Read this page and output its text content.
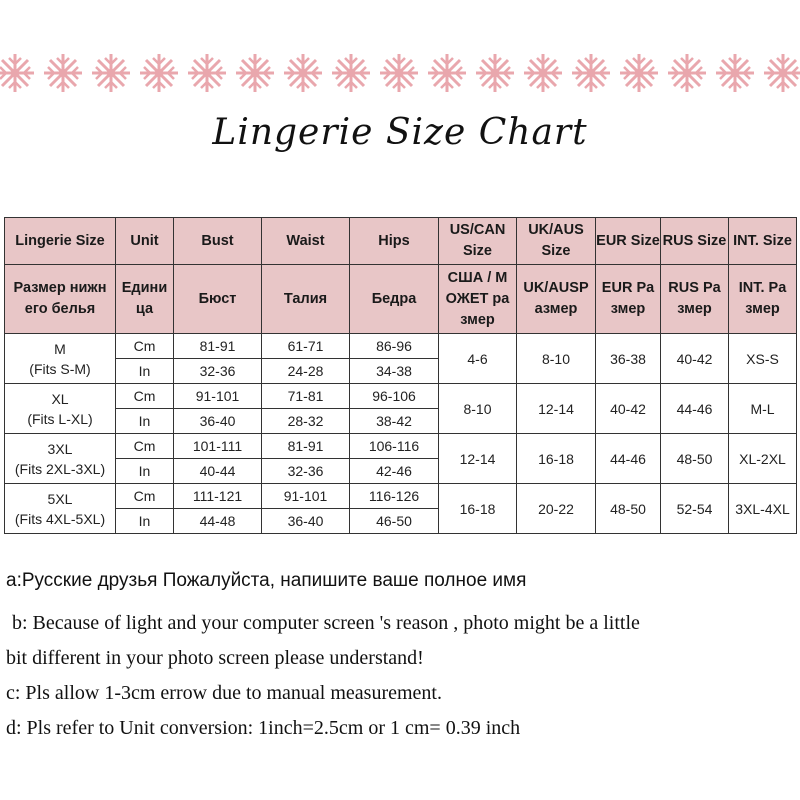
Lingerie Size Chart
Lingerie Size	Unit	Bust	Waist	Hips	US/CAN Size	UK/AUS Size	EUR Size	RUS Size	INT. Size
Размер нижн его белья	Едини ца	Бюст	Талия	Бедра	США / M ОЖЕТ ра змер	UK/AUSP азмер	EUR Pa змер	RUS Pa змер	INT. Pa змер

M
(Fits S-M)	Cm	81-91	61-71	86-96	4-6	8-10	36-38	40-42	XS-S
	In	32-36	24-28	34-38					

XL
(Fits L-XL)	Cm	91-101	71-81	96-106	8-10	12-14	40-42	44-46	M-L
	In	36-40	28-32	38-42					

3XL
(Fits 2XL-3XL)	Cm	101-111	81-91	106-116	12-14	16-18	44-46	48-50	XL-2XL
	In	40-44	32-36	42-46					

5XL
(Fits 4XL-5XL)	Cm	111-121	91-101	116-126	16-18	20-22	48-50	52-54	3XL-4XL
	In	44-48	36-40	46-50					

a:Русские друзья Пожалуйста, напишите ваше полное имя

b: Because of light and your computer screen 's reason , photo might be a little

bit different in your photo screen please understand!

c: Pls allow 1-3cm errow due to manual measurement.

d: Pls refer to Unit conversion: 1inch=2.5cm or 1 cm= 0.39 inch
